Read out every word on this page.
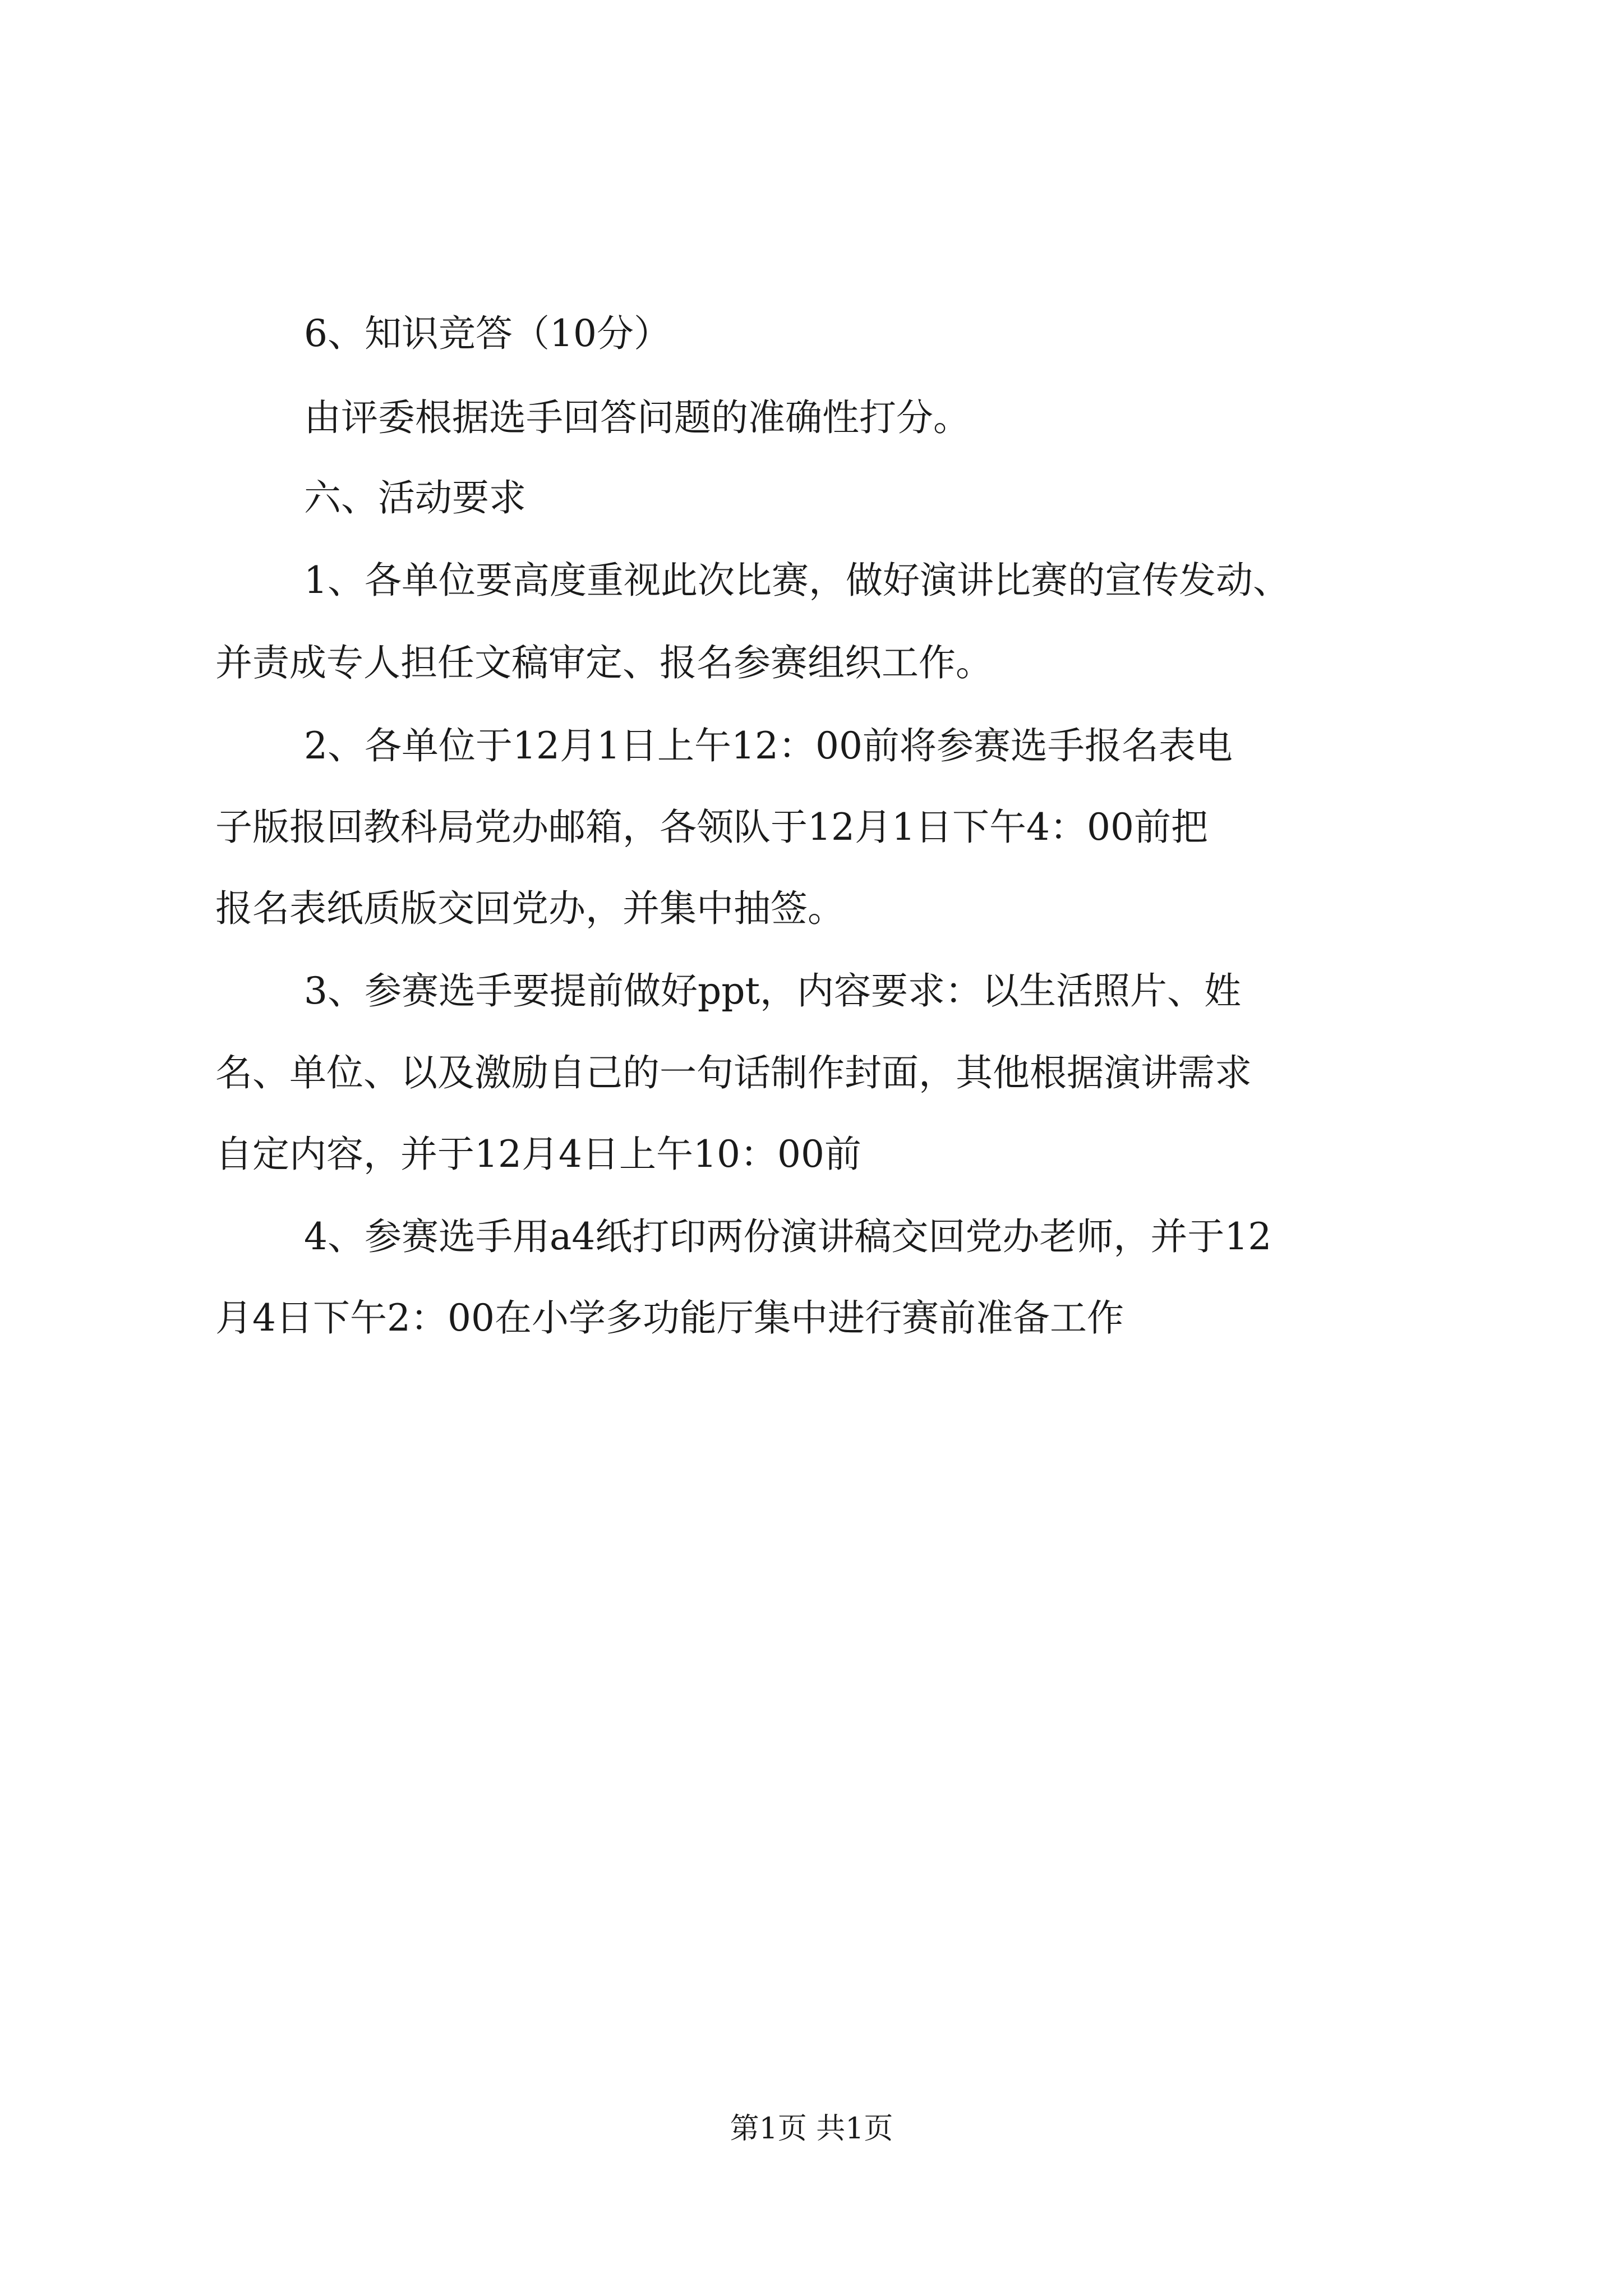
6、知识竞答（10分）

由评委根据选手回答问题的准确性打分。

六、活动要求

1、各单位要高度重视此次比赛，做好演讲比赛的宣传发动、

并责成专人担任文稿审定、报名参赛组织工作。

2、各单位于12月1日上午12：00前将参赛选手报名表电

子版报回教科局党办邮箱，各领队于12月1日下午4：00前把

报名表纸质版交回党办，并集中抽签。

3、参赛选手要提前做好ppt，内容要求：以生活照片、姓

名、单位、以及激励自己的一句话制作封面，其他根据演讲需求

自定内容，并于12月4日上午10：00前

4、参赛选手用a4纸打印两份演讲稿交回党办老师，并于12

月4日下午2：00在小学多功能厅集中进行赛前准备工作

第1页 共1页
